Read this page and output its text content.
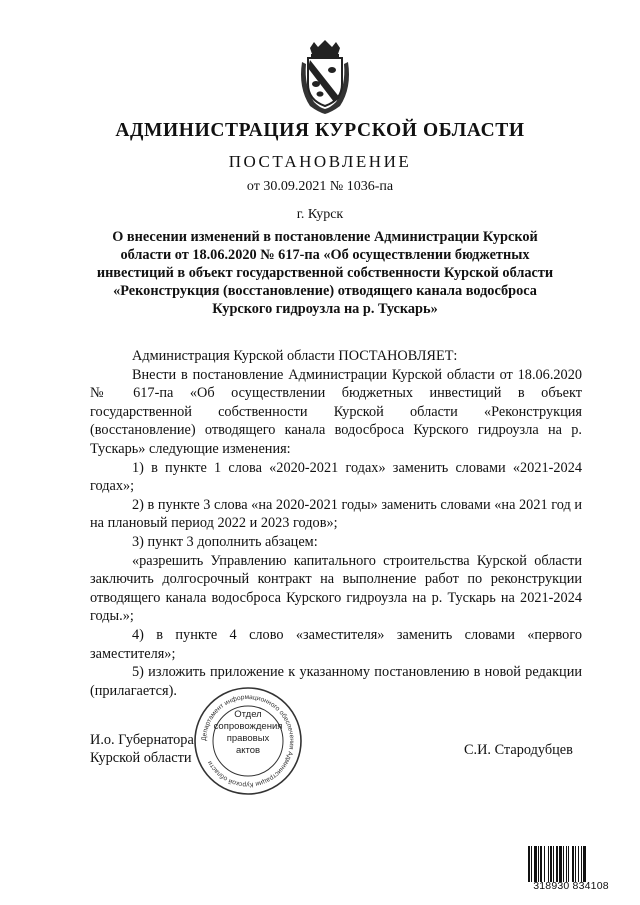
АДМИНИСТРАЦИЯ КУРСКОЙ ОБЛАСТИ
ПОСТАНОВЛЕНИЕ
от 30.09.2021 № 1036-па
г. Курск

О внесении изменений в постановление Администрации Курской области от 18.06.2020 № 617-па «Об осуществлении бюджетных инвестиций в объект государственной собственности Курской области «Реконструкция (восстановление) отводящего канала водосброса Курского гидроузла на р. Тускарь»

Администрация Курской области ПОСТАНОВЛЯЕТ:

Внести в постановление Администрации Курской области от 18.06.2020 № 617-па «Об осуществлении бюджетных инвестиций в объект государственной собственности Курской области «Реконструкция (восстановление) отводящего канала водосброса Курского гидроузла на р. Тускарь» следующие изменения:

1) в пункте 1 слова «2020-2021 годах» заменить словами «2021-2024 годах»;

2) в пункте 3 слова «на 2020-2021 годы» заменить словами «на 2021 год и на плановый период 2022 и 2023 годов»;

3) пункт 3 дополнить абзацем:

«разрешить Управлению капитального строительства Курской области заключить долгосрочный контракт на выполнение работ по реконструкции отводящего канала водосброса Курского гидроузла на р. Тускарь на 2021-2024 годы.»;

4) в пункте 4 слово «заместителя» заменить словами «первого заместителя»;

5) изложить приложение к указанному постановлению в новой редакции (прилагается).

И.о. Губернатора
Курской области	С.И. Стародубцев
Департамент информационного обеспечения Администрации Курской области
Отдел
сопровождения
правовых
актов
318930 834108
